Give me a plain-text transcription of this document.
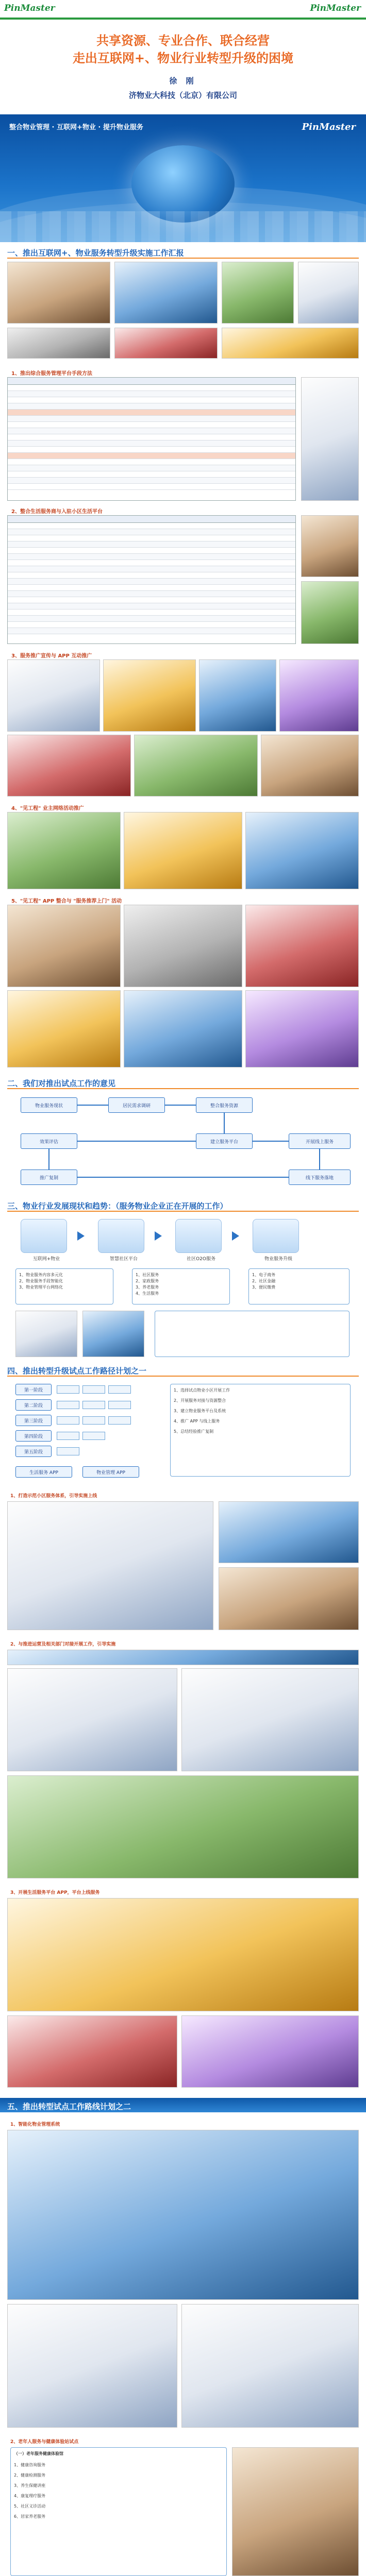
PinMaster	PinMaster
共享资源、专业合作、联合经营
走出互联网+、物业行业转型升级的困境
徐 刚
济物业大科技（北京）有限公司
整合物业管理 · 互联网+物业 · 提升物业服务	PinMaster
一、推出互联网+、物业服务转型升级实施工作汇报
1、推出综合服务管理平台手段方法
2、整合生活服务商与入驻小区生活平台
3、服务推广宣传与 APP 互动推广
4、"见工程" 业主网络活动推广
5、"见工程" APP 整合与 "服务推荐上门" 活动
二、我们对推出试点工作的意见
物业服务现状	居民需求调研	整合服务资源
建立服务平台	开展线上服务
线下服务落地
效果评估
推广复制
三、物业行业发展现状和趋势：（服务物业企业正在开展的工作）
互联网+物业	智慧社区平台	社区O2O服务	物业服务升级
1、物业服务内容多元化
2、物业服务手段智能化
3、物业管理平台网络化
1、社区服务
2、家政服务
3、养老服务
4、生活服务
1、电子商务
2、社区金融
3、便民缴费
四、推出转型升级试点工作路径计划之一
第一阶段
第二阶段
第三阶段
第四阶段
第五阶段
生活服务 APP	物业管理 APP
1、选择试点物业小区开展工作
2、开展服务对接与资源整合
3、建立物业服务平台及系统
4、推广 APP 与线上服务
5、总结经验推广复制
1、打造示范小区服务体系，引导实施上线
2、与推进运营及相关部门对接开展工作，引导实施
3、开展生活服务平台 APP，平台上线服务
五、推出转型试点工作路线计划之二
1、智能化物业管理系统
2、老年人服务与健康体验站试点
（一）老年服务健康体验馆
1、健康咨询服务
2、健康检测服务
3、养生保健讲座
4、康复理疗服务
5、社区义诊活动
6、居家养老服务
